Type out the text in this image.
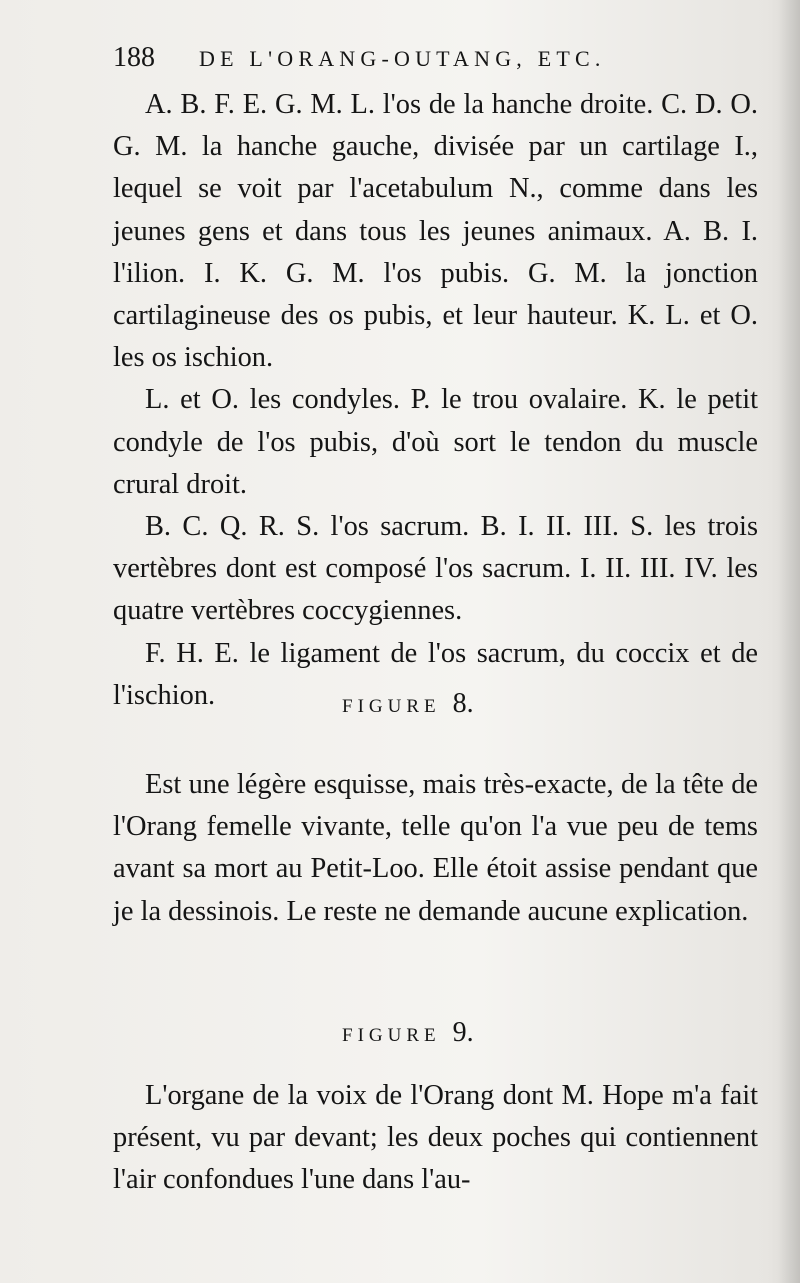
188 DE L'ORANG-OUTANG, ETC.

A. B. F. E. G. M. L. l'os de la hanche droite. C. D. O. G. M. la hanche gauche, divisée par un cartilage I., lequel se voit par l'acetabulum N., comme dans les jeunes gens et dans tous les jeunes animaux. A. B. I. l'ilion. I. K. G. M. l'os pubis. G. M. la jonction cartilagineuse des os pubis, et leur hauteur. K. L. et O. les os ischion.

L. et O. les condyles. P. le trou ovalaire. K. le petit condyle de l'os pubis, d'où sort le tendon du muscle crural droit.

B. C. Q. R. S. l'os sacrum. B. I. II. III. S. les trois vertèbres dont est composé l'os sacrum. I. II. III. IV. les quatre vertèbres coccygiennes.

F. H. E. le ligament de l'os sacrum, du coccix et de l'ischion.	FIGURE 8.

Est une légère esquisse, mais très-exacte, de la tête de l'Orang femelle vivante, telle qu'on l'a vue peu de tems avant sa mort au Petit-Loo. Elle étoit assise pendant que je la dessinois. Le reste ne demande aucune explication.

FIGURE 9.

L'organe de la voix de l'Orang dont M. Hope m'a fait présent, vu par devant; les deux poches qui contiennent l'air confondues l'une dans l'au-
